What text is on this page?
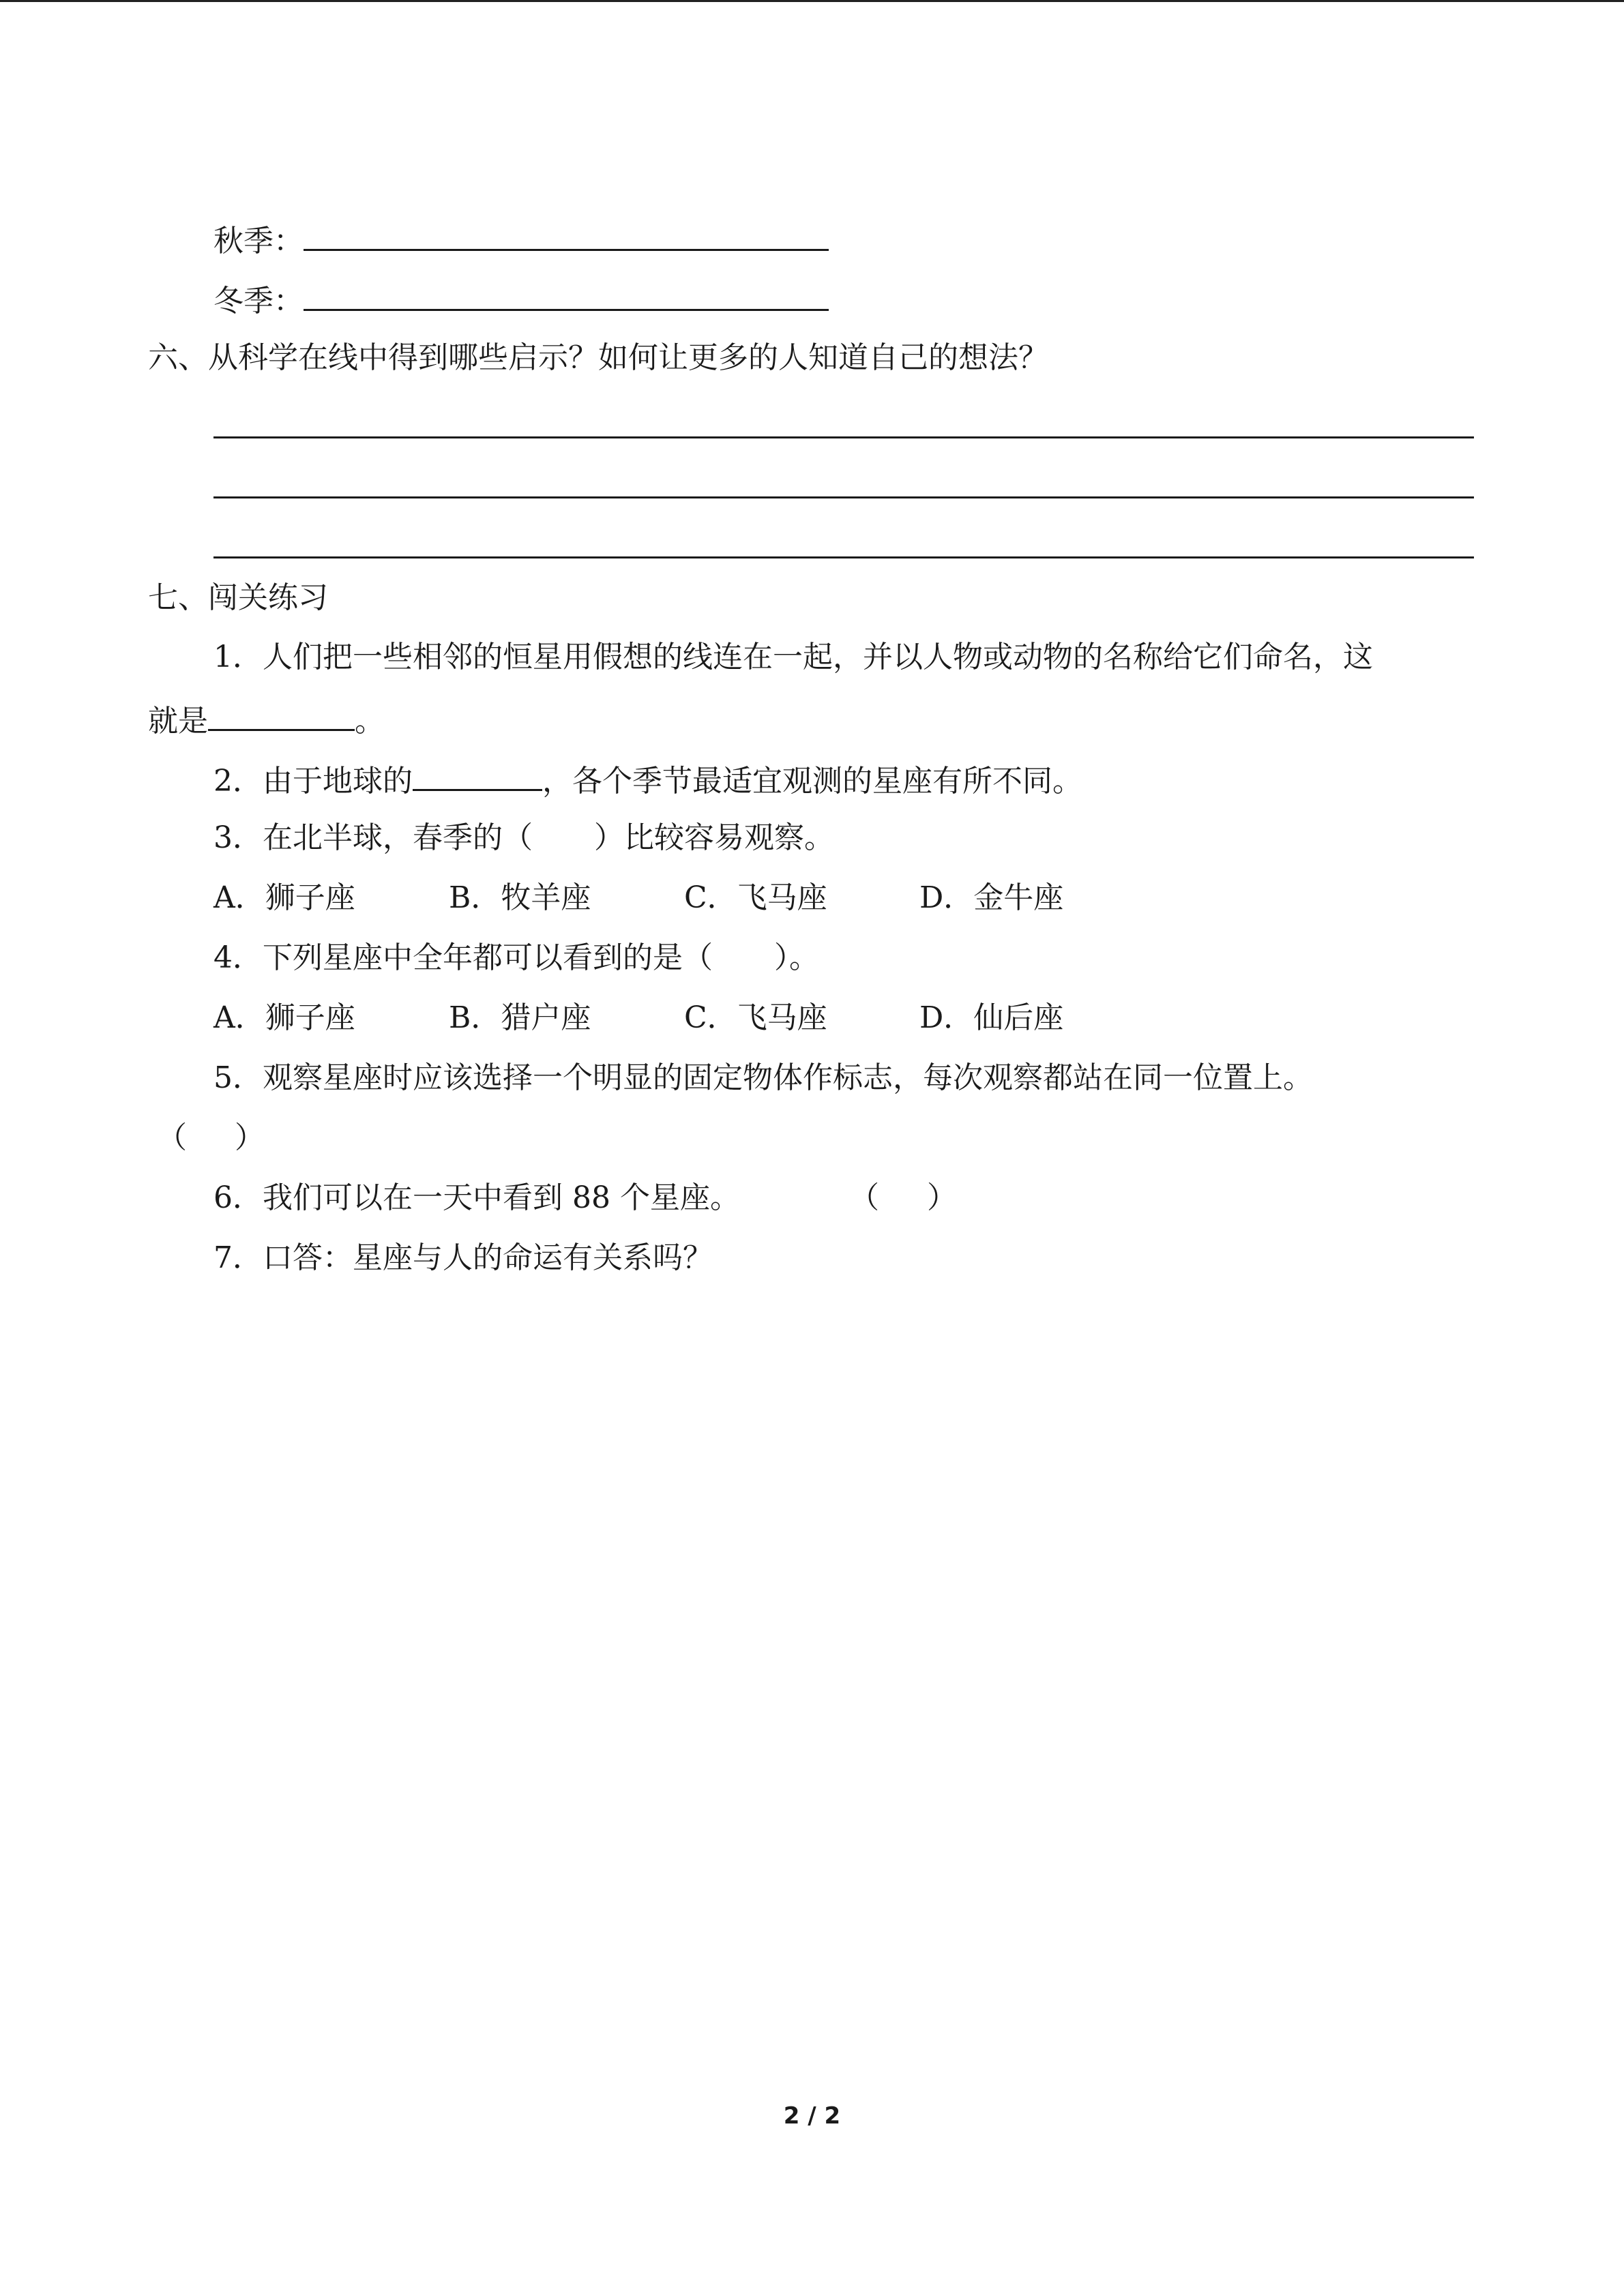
秋季：
冬季：
六、从科学在线中得到哪些启示？如何让更多的人知道自己的想法？
七、闯关练习
1．人们把一些相邻的恒星用假想的线连在一起，并以人物或动物的名称给它们命名，这
就是	。
2．由于地球的	，各个季节最适宜观测的星座有所不同。
3．在北半球，春季的（ ）比较容易观察。
A．狮子座	B．牧羊座	C．飞马座	D．金牛座
4．下列星座中全年都可以看到的是（ ）。
A．狮子座	B．猎户座	C．飞马座	D．仙后座
5．观察星座时应该选择一个明显的固定物体作标志，每次观察都站在同一位置上。
（ ）
6．我们可以在一天中看到 88 个星座。	（ ）
7．口答：星座与人的命运有关系吗？
2 / 2
